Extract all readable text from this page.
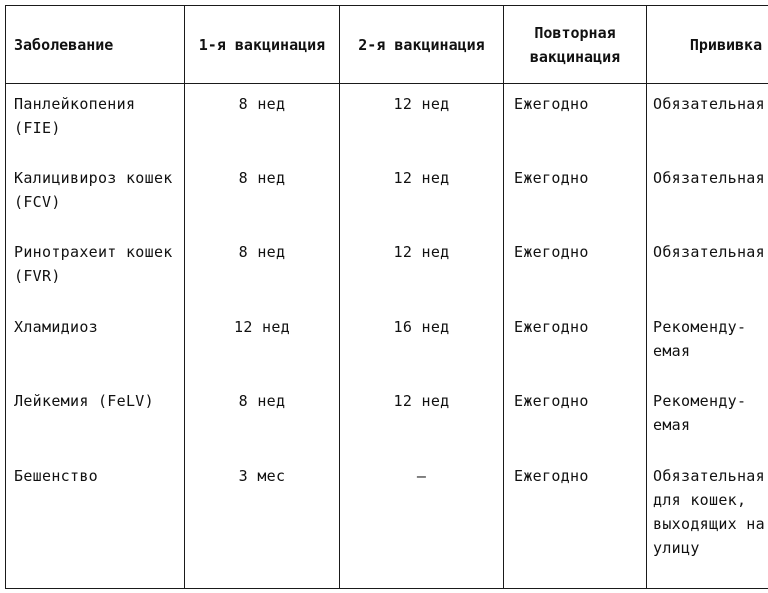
Заболевание	1-я вакцинация	2-я вакцинация	Повторная вакцинация	Прививка

Панлейкопения (FIE)	8 нед	12 нед	Ежегодно	Обязательная

Калицивироз кошек (FCV)	8 нед	12 нед	Ежегодно	Обязательная

Ринотрахеит кошек (FVR)	8 нед	12 нед	Ежегодно	Обязательная

Хламидиоз	12 нед	16 нед	Ежегодно	Рекоменду-
емая

Лейкемия (FeLV)	8 нед	12 нед	Ежегодно	Рекоменду-
емая

Бешенство	3 мес	—	Ежегодно	Обязательная для кошек, выходящих на улицу
